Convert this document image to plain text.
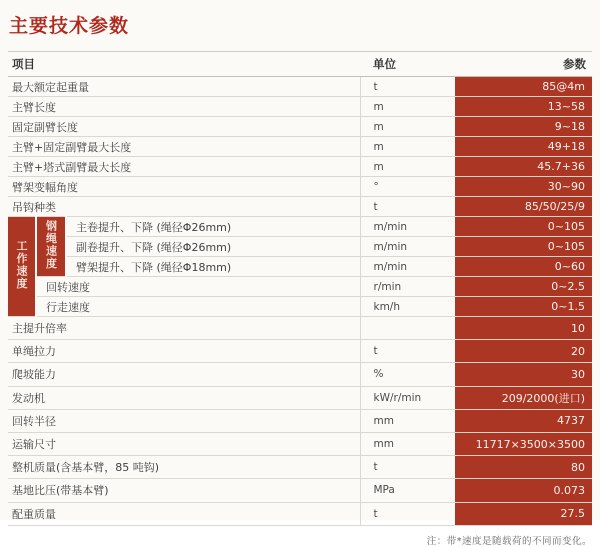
主要技术参数
项目			单位	参数
最大额定起重量			t	85@4m
主臂长度			m	13~58
固定副臂长度			m	9~18
主臂+固定副臂最大长度			m	49+18
主臂+塔式副臂最大长度			m	45.7+36
臂架变幅角度			°	30~90
吊钩种类			t	85/50/25/9
工作速度	钢绳速度	主卷提升、下降 (绳径Φ26mm)	m/min	0~105
		副卷提升、下降 (绳径Φ26mm)	m/min	0~105
		臂架提升、下降 (绳径Φ18mm)	m/min	0~60
	回转速度		r/min	0~2.5
	行走速度		km/h	0~1.5
主提升倍率				10
单绳拉力			t	20
爬坡能力			%	30
发动机			kW/r/min	209/2000(进口)
回转半径			mm	4737
运输尺寸			mm	11717×3500×3500
整机质量(含基本臂，85 吨钩)			t	80
基地比压(带基本臂)			MPa	0.073
配重质量			t	27.5
注：带*速度是随载荷的不同而变化。
